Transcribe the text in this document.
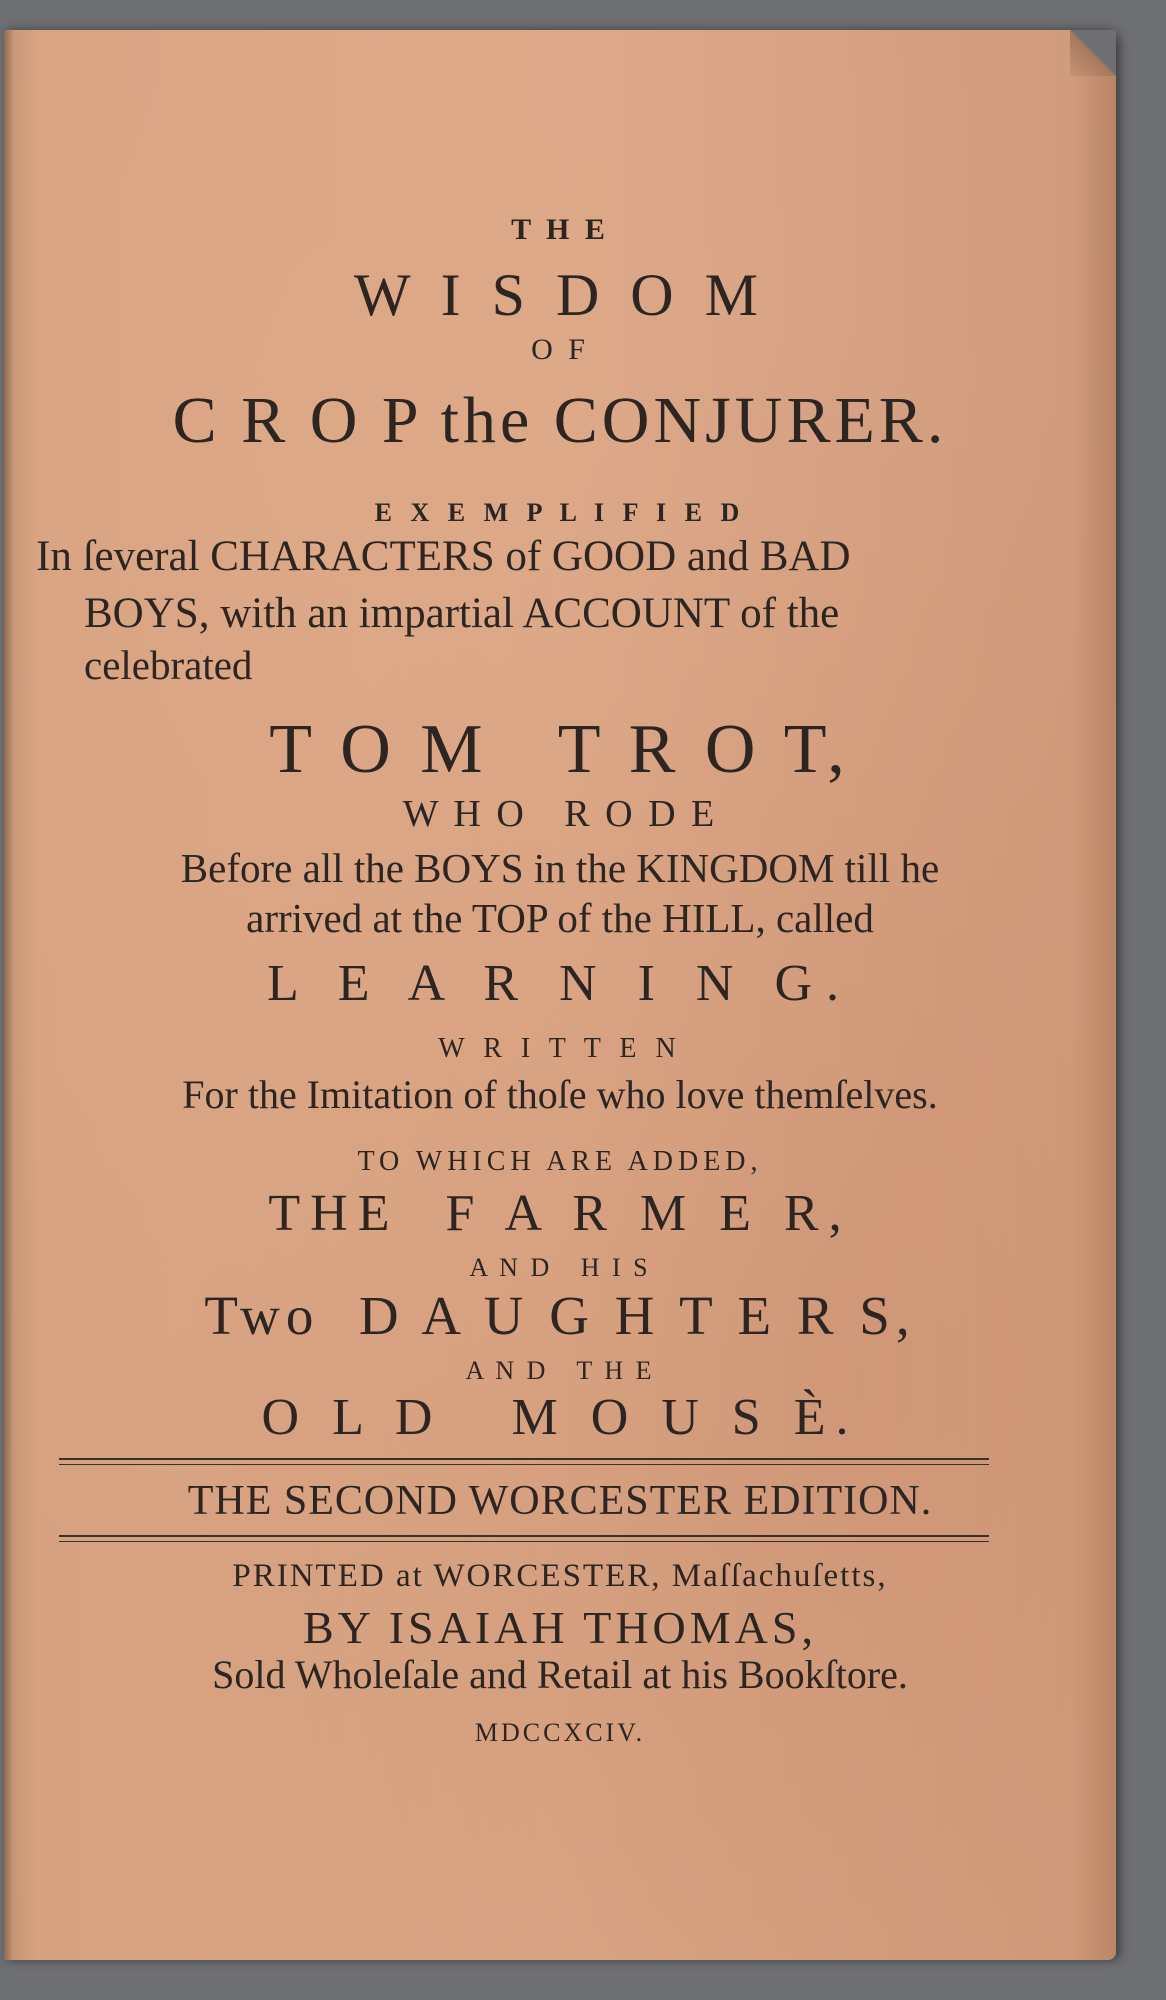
T H E
W I S D O M
O F
C R O P the CONJURER.
E X E M P L I F I E D
In ſeveral CHARACTERS of GOOD and BAD
BOYS, with an impartial ACCOUNT of the
celebrated
T O M   T R O T,
W H O   R O D E
Before all the BOYS in the KINGDOM till he
arrived at the TOP of the HILL, called
L E A R N I N G.
W R I T T E N
For the Imitation of thoſe who love themſelves.
TO WHICH ARE ADDED,
THE  F A R M E R,
A N D   H I S
Two  D A U G H T E R S,
A N D   T H E
O L D   M O U S È.
THE SECOND WORCESTER EDITION.
PRINTED at WORCESTER, Maſſachuſetts,
BY ISAIAH THOMAS,
Sold Wholeſale and Retail at his Bookſtore.
MDCCXCIV.
